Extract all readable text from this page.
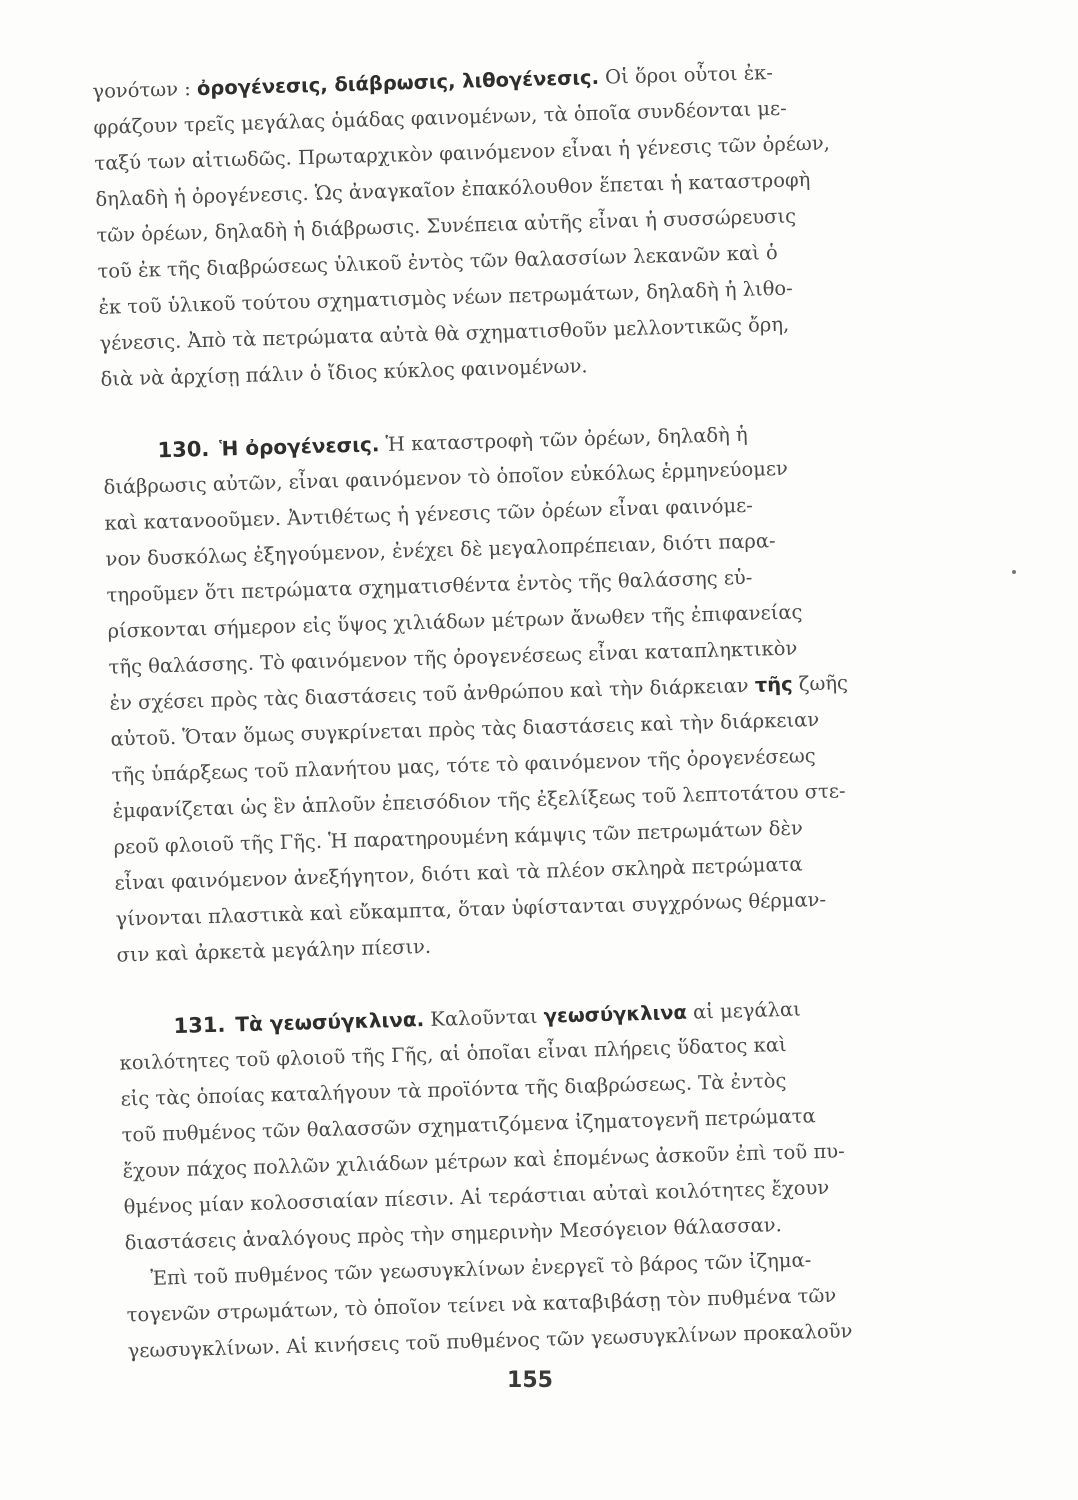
γονότων : ὀρογένεσις, διάβρωσις, λιθογένεσις. Οἱ ὅροι οὗτοι ἐκ-
φράζουν τρεῖς μεγάλας ὁμάδας φαινομένων, τὰ ὁποῖα συνδέονται με-
ταξύ των αἰτιωδῶς. Πρωταρχικὸν φαινόμενον εἶναι ἡ γένεσις τῶν ὀρέων,
δηλαδὴ ἡ ὀρογένεσις. Ὡς ἀναγκαῖον ἐπακόλουθον ἕπεται ἡ καταστροφὴ
τῶν ὀρέων, δηλαδὴ ἡ διάβρωσις. Συνέπεια αὐτῆς εἶναι ἡ συσσώρευσις
τοῦ ἐκ τῆς διαβρώσεως ὑλικοῦ ἐντὸς τῶν θαλασσίων λεκανῶν καὶ ὁ
ἐκ τοῦ ὑλικοῦ τούτου σχηματισμὸς νέων πετρωμάτων, δηλαδὴ ἡ λιθο-
γένεσις. Ἀπὸ τὰ πετρώματα αὐτὰ θὰ σχηματισθοῦν μελλοντικῶς ὄρη,
διὰ νὰ ἀρχίσῃ πάλιν ὁ ἴδιος κύκλος φαινομένων.
130. Ἡ ὀρογένεσις. Ἡ καταστροφὴ τῶν ὀρέων, δηλαδὴ ἡ
διάβρωσις αὐτῶν, εἶναι φαινόμενον τὸ ὁποῖον εὐκόλως ἑρμηνεύομεν
καὶ κατανοοῦμεν. Ἀντιθέτως ἡ γένεσις τῶν ὀρέων εἶναι φαινόμε-
νον δυσκόλως ἐξηγούμενον, ἐνέχει δὲ μεγαλοπρέπειαν, διότι παρα-
τηροῦμεν ὅτι πετρώματα σχηματισθέντα ἐντὸς τῆς θαλάσσης εὑ-
ρίσκονται σήμερον εἰς ὕψος χιλιάδων μέτρων ἄνωθεν τῆς ἐπιφανείας
τῆς θαλάσσης. Τὸ φαινόμενον τῆς ὀρογενέσεως εἶναι καταπληκτικὸν
ἐν σχέσει πρὸς τὰς διαστάσεις τοῦ ἀνθρώπου καὶ τὴν διάρκειαν τῆς ζωῆς
αὐτοῦ. Ὅταν ὅμως συγκρίνεται πρὸς τὰς διαστάσεις καὶ τὴν διάρκειαν
τῆς ὑπάρξεως τοῦ πλανήτου μας, τότε τὸ φαινόμενον τῆς ὀρογενέσεως
ἐμφανίζεται ὡς ἓν ἁπλοῦν ἐπεισόδιον τῆς ἐξελίξεως τοῦ λεπτοτάτου στε-
ρεοῦ φλοιοῦ τῆς Γῆς. Ἡ παρατηρουμένη κάμψις τῶν πετρωμάτων δὲν
εἶναι φαινόμενον ἀνεξήγητον, διότι καὶ τὰ πλέον σκληρὰ πετρώματα
γίνονται πλαστικὰ καὶ εὔκαμπτα, ὅταν ὑφίστανται συγχρόνως θέρμαν-
σιν καὶ ἀρκετὰ μεγάλην πίεσιν.
131. Τὰ γεωσύγκλινα. Καλοῦνται γεωσύγκλινα αἱ μεγάλαι
κοιλότητες τοῦ φλοιοῦ τῆς Γῆς, αἱ ὁποῖαι εἶναι πλήρεις ὕδατος καὶ
εἰς τὰς ὁποίας καταλήγουν τὰ προϊόντα τῆς διαβρώσεως. Τὰ ἐντὸς
τοῦ πυθμένος τῶν θαλασσῶν σχηματιζόμενα ἰζηματογενῆ πετρώματα
ἔχουν πάχος πολλῶν χιλιάδων μέτρων καὶ ἑπομένως ἀσκοῦν ἐπὶ τοῦ πυ-
θμένος μίαν κολοσσιαίαν πίεσιν. Αἱ τεράστιαι αὐταὶ κοιλότητες ἔχουν
διαστάσεις ἀναλόγους πρὸς τὴν σημερινὴν Μεσόγειον θάλασσαν.
Ἐπὶ τοῦ πυθμένος τῶν γεωσυγκλίνων ἐνεργεῖ τὸ βάρος τῶν ἰζημα-
τογενῶν στρωμάτων, τὸ ὁποῖον τείνει νὰ καταβιβάσῃ τὸν πυθμένα τῶν
γεωσυγκλίνων. Αἱ κινήσεις τοῦ πυθμένος τῶν γεωσυγκλίνων προκαλοῦν
155
